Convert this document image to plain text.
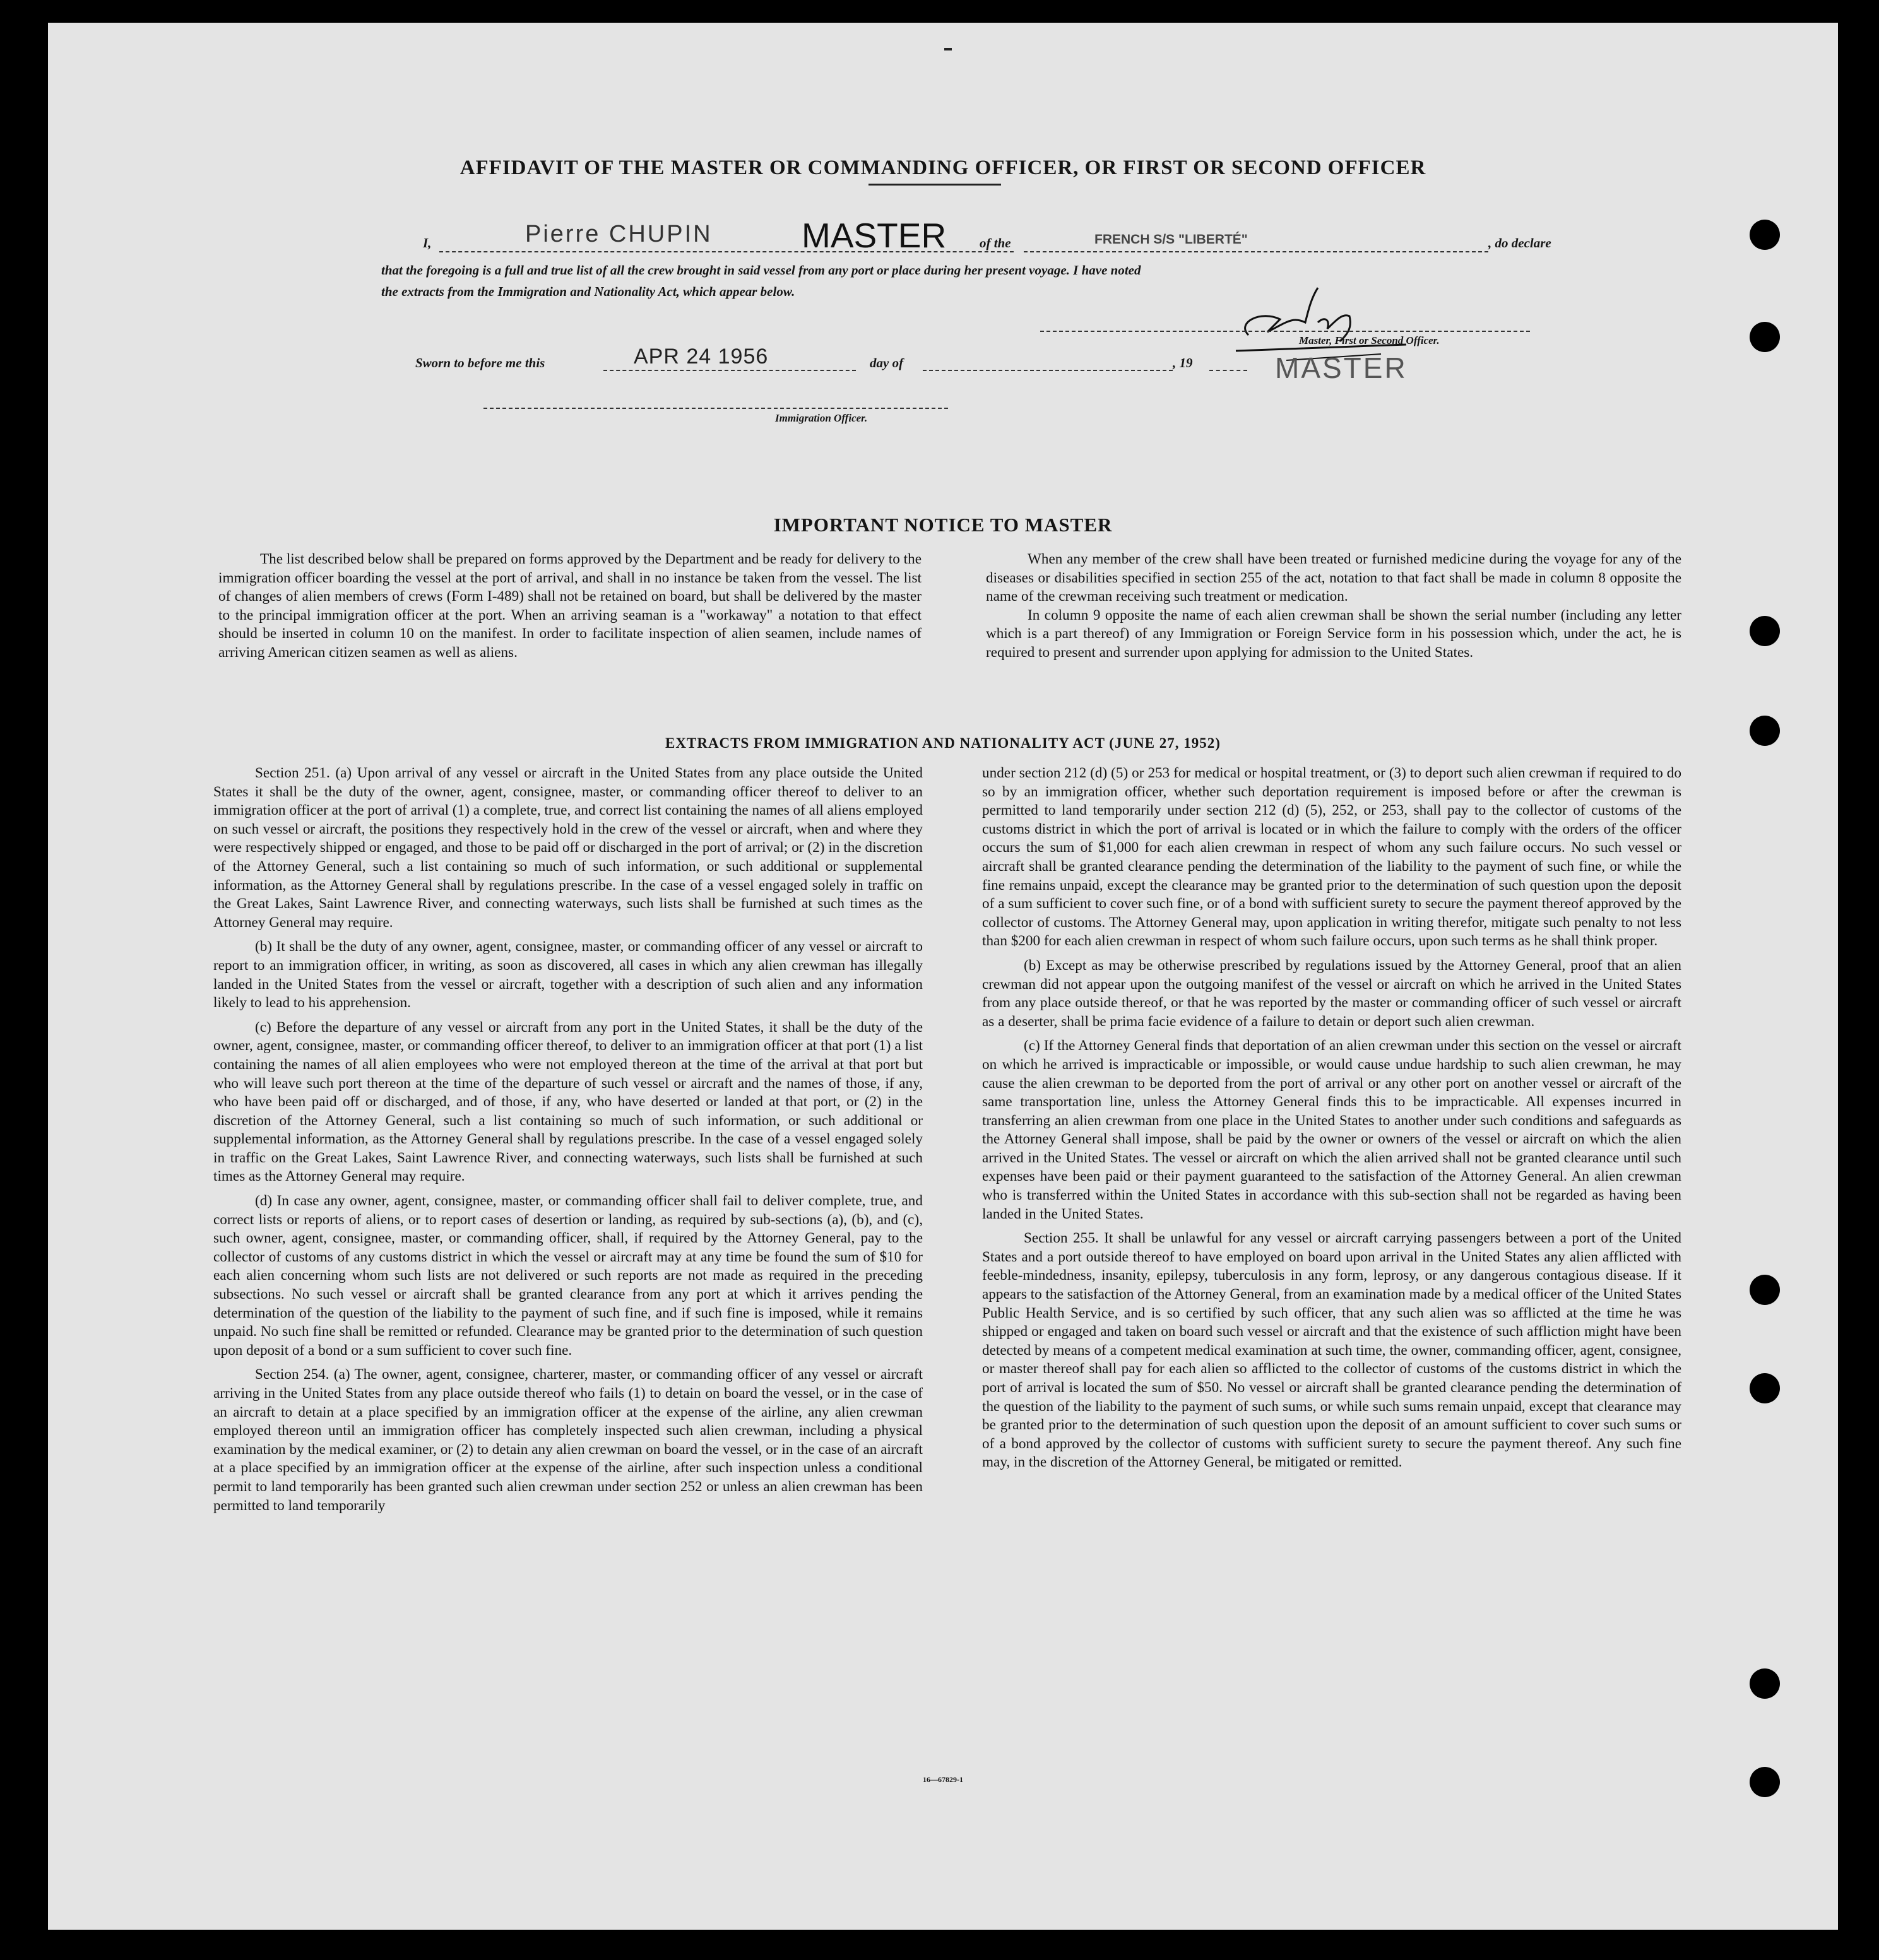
AFFIDAVIT OF THE MASTER OR COMMANDING OFFICER, OR FIRST OR SECOND OFFICER
I,	Pierre CHUPIN	MASTER	of the	FRENCH S/S "LIBERTÉ"	, do declare
that the foregoing is a full and true list of all the crew brought in said vessel from any port or place during her present voyage. I have noted
the extracts from the Immigration and Nationality Act, which appear below.
Master, First or Second Officer.
MASTER
Sworn to before me this	APR 24 1956	day of	, 19
Immigration Officer.
IMPORTANT NOTICE TO MASTER

The list described below shall be prepared on forms approved by the Department and be ready for delivery to the immigration officer boarding the vessel at the port of arrival, and shall in no instance be taken from the vessel. The list of changes of alien members of crews (Form I-489) shall not be retained on board, but shall be delivered by the master to the principal immigration officer at the port. When an arriving seaman is a "workaway" a notation to that effect should be inserted in column 10 on the manifest. In order to facilitate inspection of alien seamen, include names of arriving American citizen seamen as well as aliens.

When any member of the crew shall have been treated or furnished medicine during the voyage for any of the diseases or disabilities specified in section 255 of the act, notation to that fact shall be made in column 8 opposite the name of the crewman receiving such treatment or medication.

In column 9 opposite the name of each alien crewman shall be shown the serial number (including any letter which is a part thereof) of any Immigration or Foreign Service form in his possession which, under the act, he is required to present and surrender upon applying for admission to the United States.

EXTRACTS FROM IMMIGRATION AND NATIONALITY ACT (JUNE 27, 1952)

Section 251. (a) Upon arrival of any vessel or aircraft in the United States from any place outside the United States it shall be the duty of the owner, agent, consignee, master, or commanding officer thereof to deliver to an immigration officer at the port of arrival (1) a complete, true, and correct list containing the names of all aliens employed on such vessel or aircraft, the positions they respectively hold in the crew of the vessel or aircraft, when and where they were respectively shipped or engaged, and those to be paid off or discharged in the port of arrival; or (2) in the discretion of the Attorney General, such a list containing so much of such information, or such additional or supplemental information, as the Attorney General shall by regulations prescribe. In the case of a vessel engaged solely in traffic on the Great Lakes, Saint Lawrence River, and connecting waterways, such lists shall be furnished at such times as the Attorney General may require.

(b) It shall be the duty of any owner, agent, consignee, master, or commanding officer of any vessel or aircraft to report to an immigration officer, in writing, as soon as discovered, all cases in which any alien crewman has illegally landed in the United States from the vessel or aircraft, together with a description of such alien and any information likely to lead to his apprehension.

(c) Before the departure of any vessel or aircraft from any port in the United States, it shall be the duty of the owner, agent, consignee, master, or commanding officer thereof, to deliver to an immigration officer at that port (1) a list containing the names of all alien employees who were not employed thereon at the time of the arrival at that port but who will leave such port thereon at the time of the departure of such vessel or aircraft and the names of those, if any, who have been paid off or discharged, and of those, if any, who have deserted or landed at that port, or (2) in the discretion of the Attorney General, such a list containing so much of such information, or such additional or supplemental information, as the Attorney General shall by regulations prescribe. In the case of a vessel engaged solely in traffic on the Great Lakes, Saint Lawrence River, and connecting waterways, such lists shall be furnished at such times as the Attorney General may require.

(d) In case any owner, agent, consignee, master, or commanding officer shall fail to deliver complete, true, and correct lists or reports of aliens, or to report cases of desertion or landing, as required by sub-sections (a), (b), and (c), such owner, agent, consignee, master, or commanding officer, shall, if required by the Attorney General, pay to the collector of customs of any customs district in which the vessel or aircraft may at any time be found the sum of $10 for each alien concerning whom such lists are not delivered or such reports are not made as required in the preceding subsections. No such vessel or aircraft shall be granted clearance from any port at which it arrives pending the determination of the question of the liability to the payment of such fine, and if such fine is imposed, while it remains unpaid. No such fine shall be remitted or refunded. Clearance may be granted prior to the determination of such question upon deposit of a bond or a sum sufficient to cover such fine.

Section 254. (a) The owner, agent, consignee, charterer, master, or commanding officer of any vessel or aircraft arriving in the United States from any place outside thereof who fails (1) to detain on board the vessel, or in the case of an aircraft to detain at a place specified by an immigration officer at the expense of the airline, any alien crewman employed thereon until an immigration officer has completely inspected such alien crewman, including a physical examination by the medical examiner, or (2) to detain any alien crewman on board the vessel, or in the case of an aircraft at a place specified by an immigration officer at the expense of the airline, after such inspection unless a conditional permit to land temporarily has been granted such alien crewman under section 252 or unless an alien crewman has been permitted to land temporarily

under section 212 (d) (5) or 253 for medical or hospital treatment, or (3) to deport such alien crewman if required to do so by an immigration officer, whether such deportation requirement is imposed before or after the crewman is permitted to land temporarily under section 212 (d) (5), 252, or 253, shall pay to the collector of customs of the customs district in which the port of arrival is located or in which the failure to comply with the orders of the officer occurs the sum of $1,000 for each alien crewman in respect of whom any such failure occurs. No such vessel or aircraft shall be granted clearance pending the determination of the liability to the payment of such fine, or while the fine remains unpaid, except the clearance may be granted prior to the determination of such question upon the deposit of a sum sufficient to cover such fine, or of a bond with sufficient surety to secure the payment thereof approved by the collector of customs. The Attorney General may, upon application in writing therefor, mitigate such penalty to not less than $200 for each alien crewman in respect of whom such failure occurs, upon such terms as he shall think proper.

(b) Except as may be otherwise prescribed by regulations issued by the Attorney General, proof that an alien crewman did not appear upon the outgoing manifest of the vessel or aircraft on which he arrived in the United States from any place outside thereof, or that he was reported by the master or commanding officer of such vessel or aircraft as a deserter, shall be prima facie evidence of a failure to detain or deport such alien crewman.

(c) If the Attorney General finds that deportation of an alien crewman under this section on the vessel or aircraft on which he arrived is impracticable or impossible, or would cause undue hardship to such alien crewman, he may cause the alien crewman to be deported from the port of arrival or any other port on another vessel or aircraft of the same transportation line, unless the Attorney General finds this to be impracticable. All expenses incurred in transferring an alien crewman from one place in the United States to another under such conditions and safeguards as the Attorney General shall impose, shall be paid by the owner or owners of the vessel or aircraft on which the alien arrived in the United States. The vessel or aircraft on which the alien arrived shall not be granted clearance until such expenses have been paid or their payment guaranteed to the satisfaction of the Attorney General. An alien crewman who is transferred within the United States in accordance with this sub-section shall not be regarded as having been landed in the United States.

Section 255. It shall be unlawful for any vessel or aircraft carrying passengers between a port of the United States and a port outside thereof to have employed on board upon arrival in the United States any alien afflicted with feeble-mindedness, insanity, epilepsy, tuberculosis in any form, leprosy, or any dangerous contagious disease. If it appears to the satisfaction of the Attorney General, from an examination made by a medical officer of the United States Public Health Service, and is so certified by such officer, that any such alien was so afflicted at the time he was shipped or engaged and taken on board such vessel or aircraft and that the existence of such affliction might have been detected by means of a competent medical examination at such time, the owner, commanding officer, agent, consignee, or master thereof shall pay for each alien so afflicted to the collector of customs of the customs district in which the port of arrival is located the sum of $50. No vessel or aircraft shall be granted clearance pending the determination of the question of the liability to the payment of such sums, or while such sums remain unpaid, except that clearance may be granted prior to the determination of such question upon the deposit of an amount sufficient to cover such sums or of a bond approved by the collector of customs with sufficient surety to secure the payment thereof. Any such fine may, in the discretion of the Attorney General, be mitigated or remitted.

16—67829-1
